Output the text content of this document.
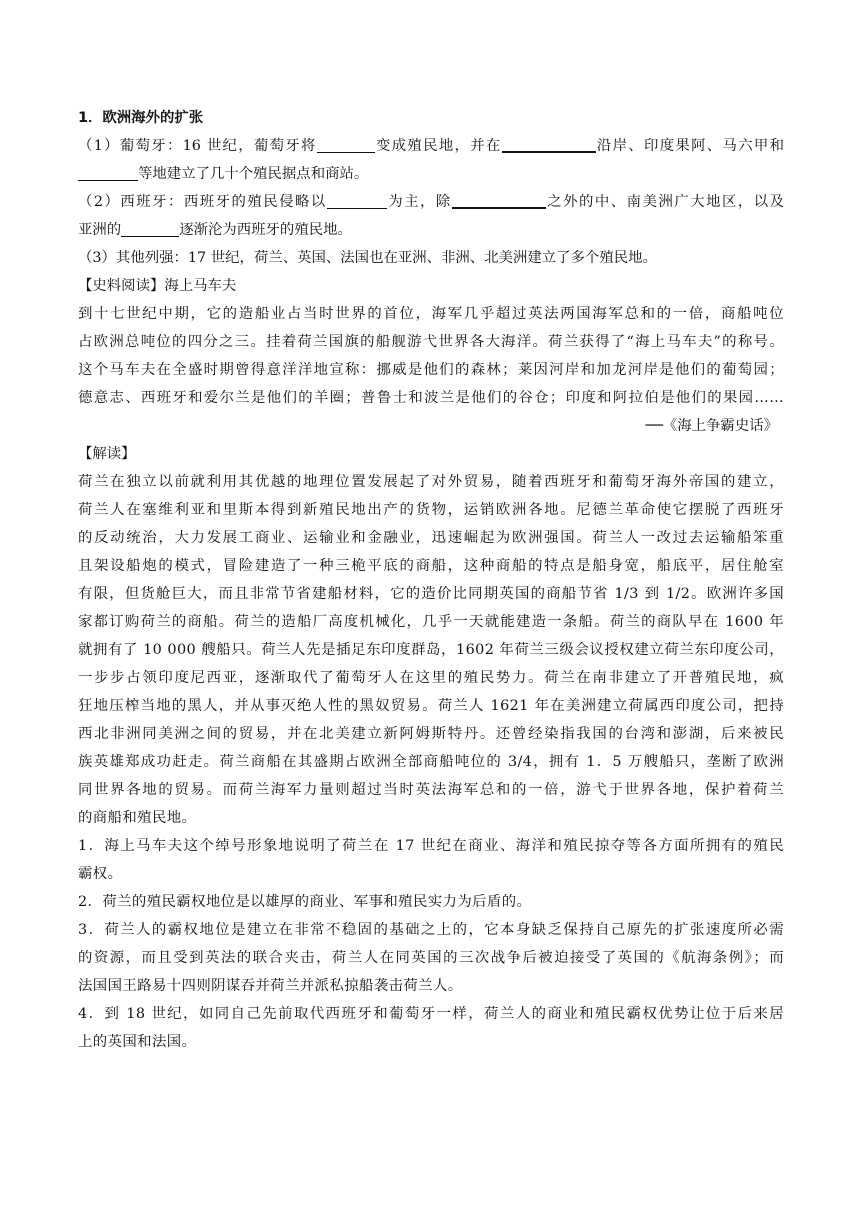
1．欧洲海外的扩张
（1）葡萄牙：16 世纪，葡萄牙将	变成殖民地，并在	沿岸、印度果阿、马六甲和
等地建立了几十个殖民据点和商站。
（2）西班牙：西班牙的殖民侵略以	为主，除	之外的中、南美洲广大地区，以及
亚洲的	逐渐沦为西班牙的殖民地。
（3）其他列强：17 世纪，荷兰、英国、法国也在亚洲、非洲、北美洲建立了多个殖民地。
【史料阅读】海上马车夫
到十七世纪中期，它的造船业占当时世界的首位，海军几乎超过英法两国海军总和的一倍，商船吨位
占欧洲总吨位的四分之三。挂着荷兰国旗的船舰游弋世界各大海洋。荷兰获得了“海上马车夫”的称号。
这个马车夫在全盛时期曾得意洋洋地宣称：挪威是他们的森林；莱因河岸和加龙河岸是他们的葡萄园；
德意志、西班牙和爱尔兰是他们的羊圈；普鲁士和波兰是他们的谷仓；印度和阿拉伯是他们的果园……
──《海上争霸史话》
【解读】
荷兰在独立以前就利用其优越的地理位置发展起了对外贸易，随着西班牙和葡萄牙海外帝国的建立，
荷兰人在塞维利亚和里斯本得到新殖民地出产的货物，运销欧洲各地。尼德兰革命使它摆脱了西班牙
的反动统治，大力发展工商业、运输业和金融业，迅速崛起为欧洲强国。荷兰人一改过去运输船笨重
且架设船炮的模式，冒险建造了一种三桅平底的商船，这种商船的特点是船身宽，船底平，居住舱室
有限，但货舱巨大，而且非常节省建船材料，它的造价比同期英国的商船节省 1/3 到 1/2。欧洲许多国
家都订购荷兰的商船。荷兰的造船厂高度机械化，几乎一天就能建造一条船。荷兰的商队早在 1600 年
就拥有了 10 000 艘船只。荷兰人先是插足东印度群岛，1602 年荷兰三级会议授权建立荷兰东印度公司，
一步步占领印度尼西亚，逐渐取代了葡萄牙人在这里的殖民势力。荷兰在南非建立了开普殖民地，疯
狂地压榨当地的黑人，并从事灭绝人性的黑奴贸易。荷兰人 1621 年在美洲建立荷属西印度公司，把持
西北非洲同美洲之间的贸易，并在北美建立新阿姆斯特丹。还曾经染指我国的台湾和澎湖，后来被民
族英雄郑成功赶走。荷兰商船在其盛期占欧洲全部商船吨位的 3/4，拥有 1．5 万艘船只，垄断了欧洲
同世界各地的贸易。而荷兰海军力量则超过当时英法海军总和的一倍，游弋于世界各地，保护着荷兰
的商船和殖民地。
1．海上马车夫这个绰号形象地说明了荷兰在 17 世纪在商业、海洋和殖民掠夺等各方面所拥有的殖民
霸权。
2．荷兰的殖民霸权地位是以雄厚的商业、军事和殖民实力为后盾的。
3．荷兰人的霸权地位是建立在非常不稳固的基础之上的，它本身缺乏保持自己原先的扩张速度所必需
的资源，而且受到英法的联合夹击，荷兰人在同英国的三次战争后被迫接受了英国的《航海条例》；而
法国国王路易十四则阴谋吞并荷兰并派私掠船袭击荷兰人。
4．到 18 世纪，如同自己先前取代西班牙和葡萄牙一样，荷兰人的商业和殖民霸权优势让位于后来居
上的英国和法国。
